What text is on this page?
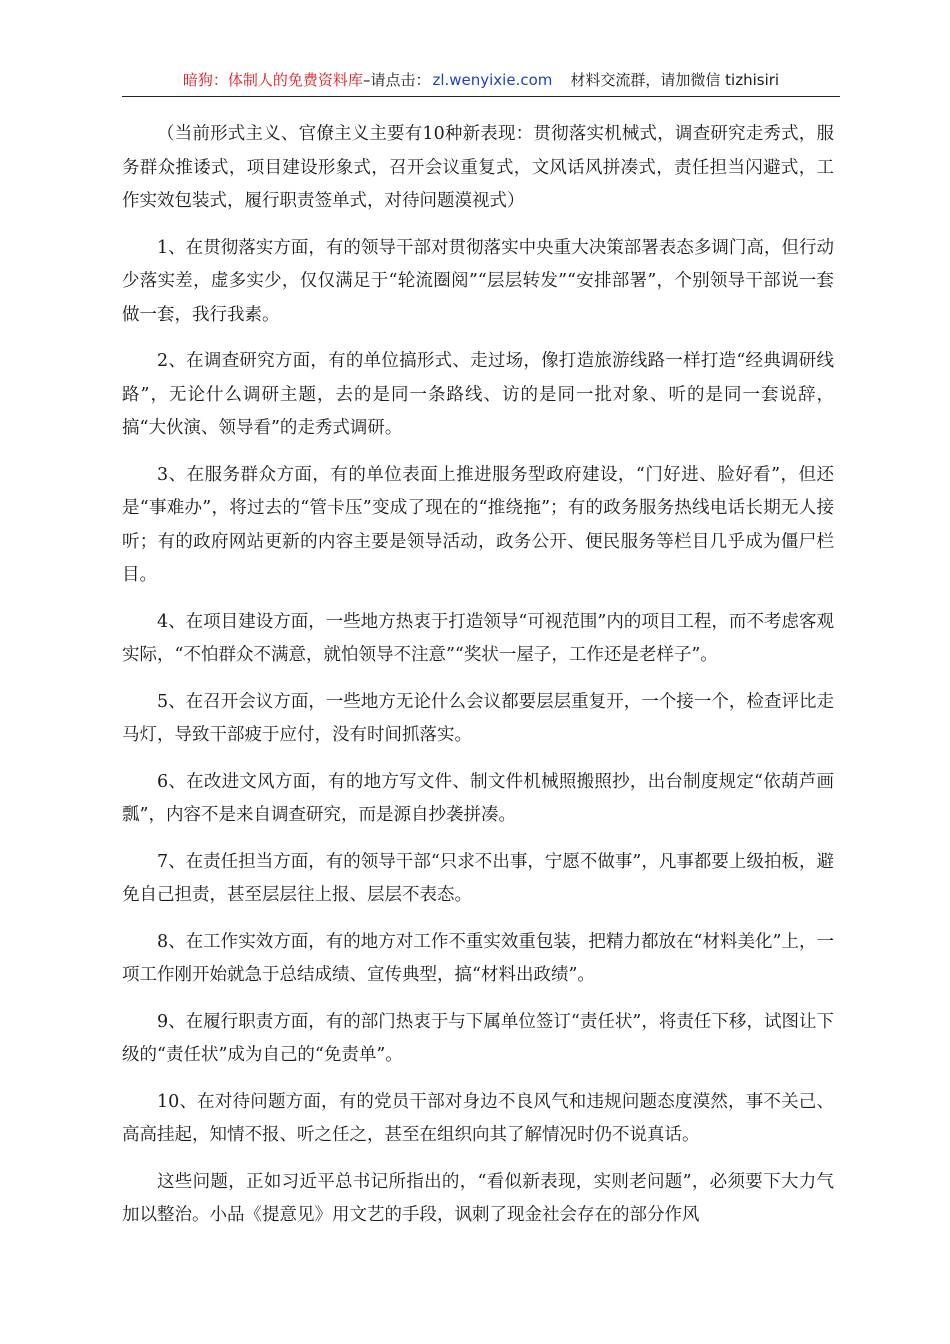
暗狗：体制人的免费资料库–请点击： zl.wenyixie.com 材料交流群，请加微信 tizhisiri

（当前形式主义、官僚主义主要有10种新表现：贯彻落实机械式，调查研究走秀式，服务群众推诿式，项目建设形象式，召开会议重复式，文风话风拼凑式，责任担当闪避式，工作实效包装式，履行职责签单式，对待问题漠视式）

1、在贯彻落实方面，有的领导干部对贯彻落实中央重大决策部署表态多调门高，但行动少落实差，虚多实少，仅仅满足于“轮流圈阅”“层层转发”“安排部署”，个别领导干部说一套做一套，我行我素。

2、在调查研究方面，有的单位搞形式、走过场，像打造旅游线路一样打造“经典调研线路”，无论什么调研主题，去的是同一条路线、访的是同一批对象、听的是同一套说辞，搞“大伙演、领导看”的走秀式调研。

3、在服务群众方面，有的单位表面上推进服务型政府建设，“门好进、脸好看”，但还是“事难办”，将过去的“管卡压”变成了现在的“推绕拖”；有的政务服务热线电话长期无人接听；有的政府网站更新的内容主要是领导活动，政务公开、便民服务等栏目几乎成为僵尸栏目。

4、在项目建设方面，一些地方热衷于打造领导“可视范围”内的项目工程，而不考虑客观实际，“不怕群众不满意，就怕领导不注意”“奖状一屋子，工作还是老样子”。

5、在召开会议方面，一些地方无论什么会议都要层层重复开，一个接一个，检查评比走马灯，导致干部疲于应付，没有时间抓落实。

6、在改进文风方面，有的地方写文件、制文件机械照搬照抄，出台制度规定“依葫芦画瓢”，内容不是来自调查研究，而是源自抄袭拼凑。

7、在责任担当方面，有的领导干部“只求不出事，宁愿不做事”，凡事都要上级拍板，避免自己担责，甚至层层往上报、层层不表态。

8、在工作实效方面，有的地方对工作不重实效重包装，把精力都放在“材料美化”上，一项工作刚开始就急于总结成绩、宣传典型，搞“材料出政绩”。

9、在履行职责方面，有的部门热衷于与下属单位签订“责任状”，将责任下移，试图让下级的“责任状”成为自己的“免责单”。

10、在对待问题方面，有的党员干部对身边不良风气和违规问题态度漠然，事不关己、高高挂起，知情不报、听之任之，甚至在组织向其了解情况时仍不说真话。

这些问题，正如习近平总书记所指出的，“看似新表现，实则老问题”，必须要下大力气加以整治。小品《提意见》用文艺的手段，讽刺了现金社会存在的部分作风
